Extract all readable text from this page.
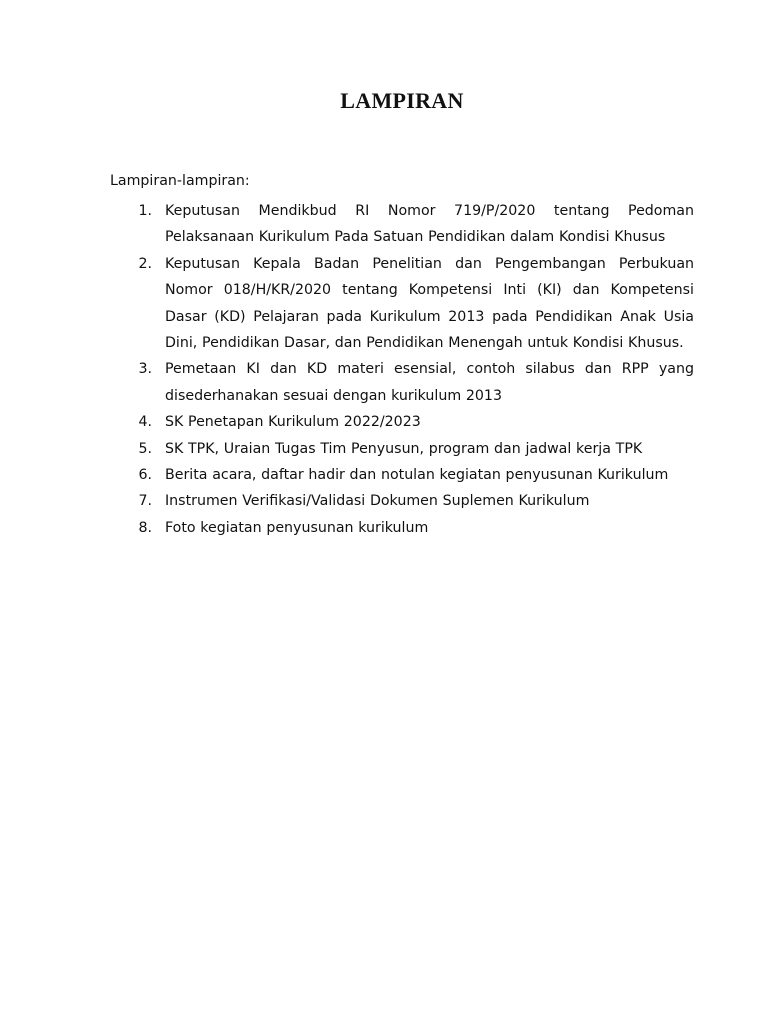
LAMPIRAN

Lampiran-lampiran:

1. Keputusan Mendikbud RI Nomor 719/P/2020 tentang Pedoman Pelaksanaan Kurikulum Pada Satuan Pendidikan dalam Kondisi Khusus
2. Keputusan Kepala Badan Penelitian dan Pengembangan Perbukuan Nomor 018/H/KR/2020 tentang Kompetensi Inti (KI) dan Kompetensi Dasar (KD) Pelajaran pada Kurikulum 2013 pada Pendidikan Anak Usia Dini, Pendidikan Dasar, dan Pendidikan Menengah untuk Kondisi Khusus.
3. Pemetaan KI dan KD materi esensial, contoh silabus dan RPP yang disederhanakan sesuai dengan kurikulum 2013
4. SK Penetapan Kurikulum 2022/2023
5. SK TPK, Uraian Tugas Tim Penyusun, program dan jadwal kerja TPK
6. Berita acara, daftar hadir dan notulan kegiatan penyusunan Kurikulum
7. Instrumen Verifikasi/Validasi Dokumen Suplemen Kurikulum
8. Foto kegiatan penyusunan kurikulum
